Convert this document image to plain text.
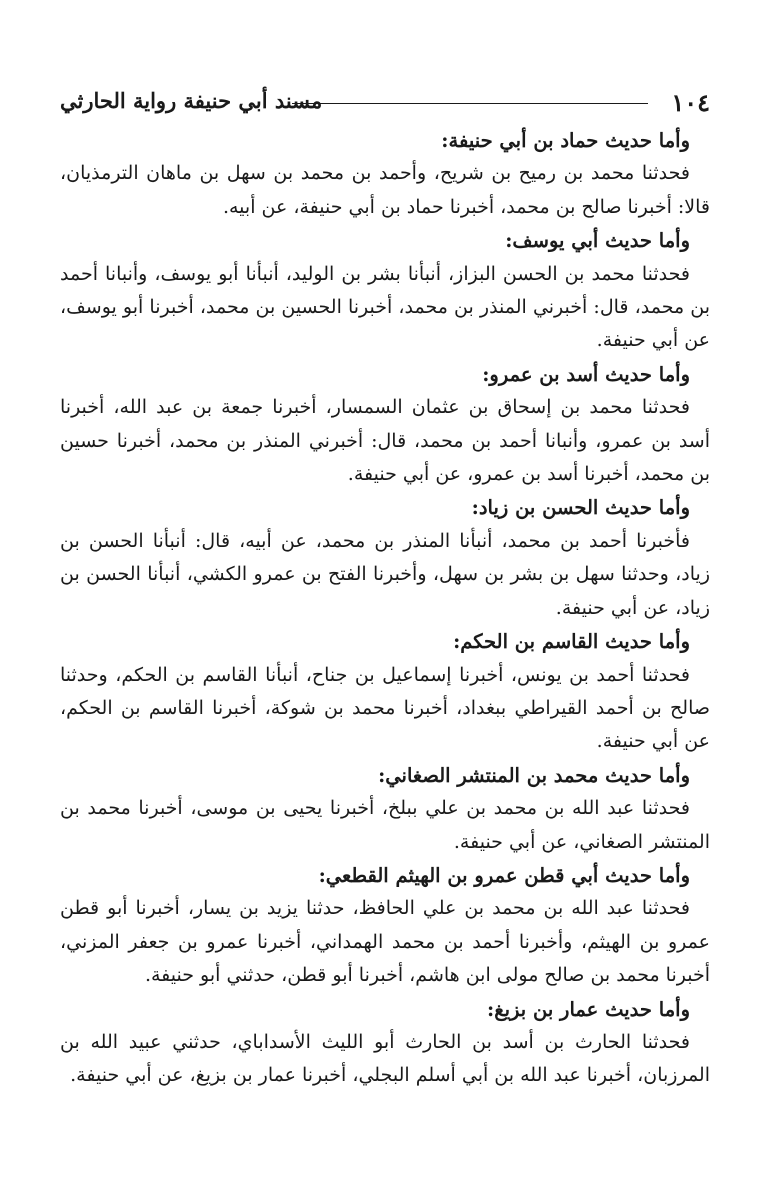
١٠٤
مسند أبي حنيفة رواية الحارثي
وأما حديث حماد بن أبي حنيفة:
فحدثنا محمد بن رميح بن شريح، وأحمد بن محمد بن سهل بن ماهان الترمذيان، قالا: أخبرنا صالح بن محمد، أخبرنا حماد بن أبي حنيفة، عن أبيه.
وأما حديث أبي يوسف:
فحدثنا محمد بن الحسن البزاز، أنبأنا بشر بن الوليد، أنبأنا أبو يوسف، وأنبانا أحمد بن محمد، قال: أخبرني المنذر بن محمد، أخبرنا الحسين بن محمد، أخبرنا أبو يوسف، عن أبي حنيفة.
وأما حديث أسد بن عمرو:
فحدثنا محمد بن إسحاق بن عثمان السمسار، أخبرنا جمعة بن عبد الله، أخبرنا أسد بن عمرو، وأنبانا أحمد بن محمد، قال: أخبرني المنذر بن محمد، أخبرنا حسين بن محمد، أخبرنا أسد بن عمرو، عن أبي حنيفة.
وأما حديث الحسن بن زياد:
فأخبرنا أحمد بن محمد، أنبأنا المنذر بن محمد، عن أبيه، قال: أنبأنا الحسن بن زياد، وحدثنا سهل بن بشر بن سهل، وأخبرنا الفتح بن عمرو الكشي، أنبأنا الحسن بن زياد، عن أبي حنيفة.
وأما حديث القاسم بن الحكم:
فحدثنا أحمد بن يونس، أخبرنا إسماعيل بن جناح، أنبأنا القاسم بن الحكم، وحدثنا صالح بن أحمد القيراطي ببغداد، أخبرنا محمد بن شوكة، أخبرنا القاسم بن الحكم، عن أبي حنيفة.
وأما حديث محمد بن المنتشر الصغاني:
فحدثنا عبد الله بن محمد بن علي ببلخ، أخبرنا يحيى بن موسى، أخبرنا محمد بن المنتشر الصغاني، عن أبي حنيفة.
وأما حديث أبي قطن عمرو بن الهيثم القطعي:
فحدثنا عبد الله بن محمد بن علي الحافظ، حدثنا يزيد بن يسار، أخبرنا أبو قطن عمرو بن الهيثم، وأخبرنا أحمد بن محمد الهمداني، أخبرنا عمرو بن جعفر المزني، أخبرنا محمد بن صالح مولى ابن هاشم، أخبرنا أبو قطن، حدثني أبو حنيفة.
وأما حديث عمار بن بزيغ:
فحدثنا الحارث بن أسد بن الحارث أبو الليث الأسداباي، حدثني عبيد الله بن المرزبان، أخبرنا عبد الله بن أبي أسلم البجلي، أخبرنا عمار بن بزيغ، عن أبي حنيفة.
